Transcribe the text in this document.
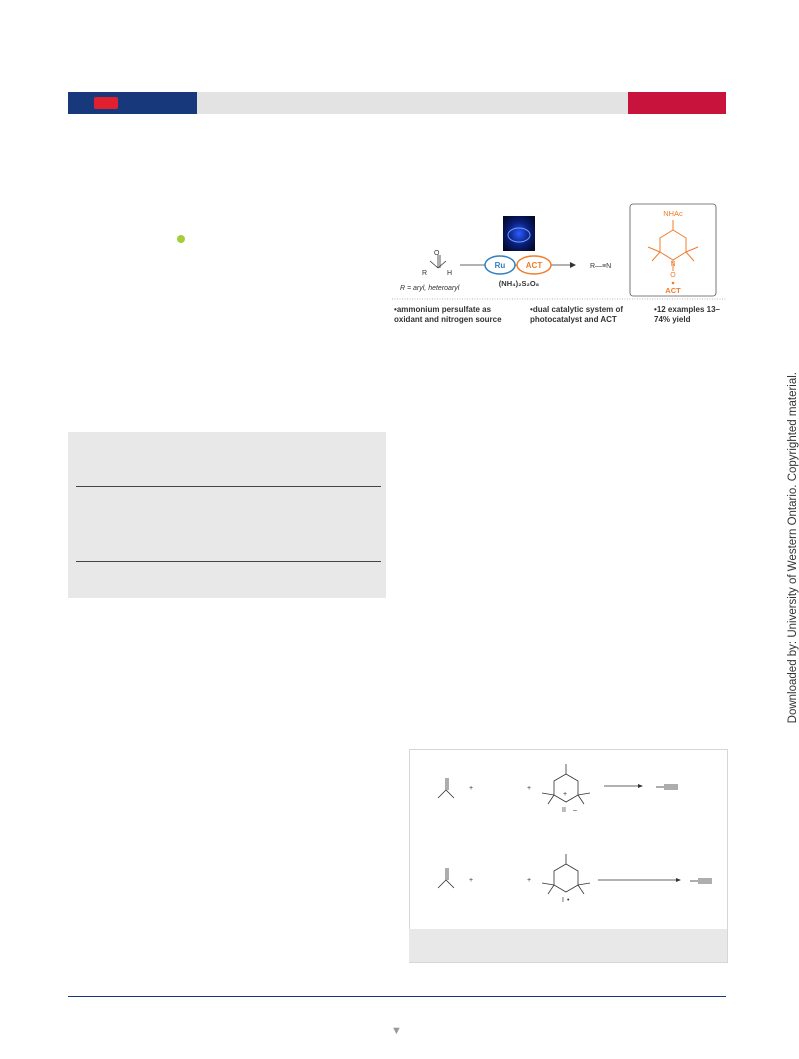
Downloaded by: University of Western Ontario. Copyrighted material.
O
R	H
R = aryl, heteroaryl
Ru	ACT
(NH₄)₂S₂O₈
R—≡N
NHAc
N
O
ACT
• ammonium persulfate as oxidant and nitrogen source
• dual catalytic system of photocatalyst and ACT
• 12 examples 13–74% yield
+	+
+
II –
+	+
I •
▼
